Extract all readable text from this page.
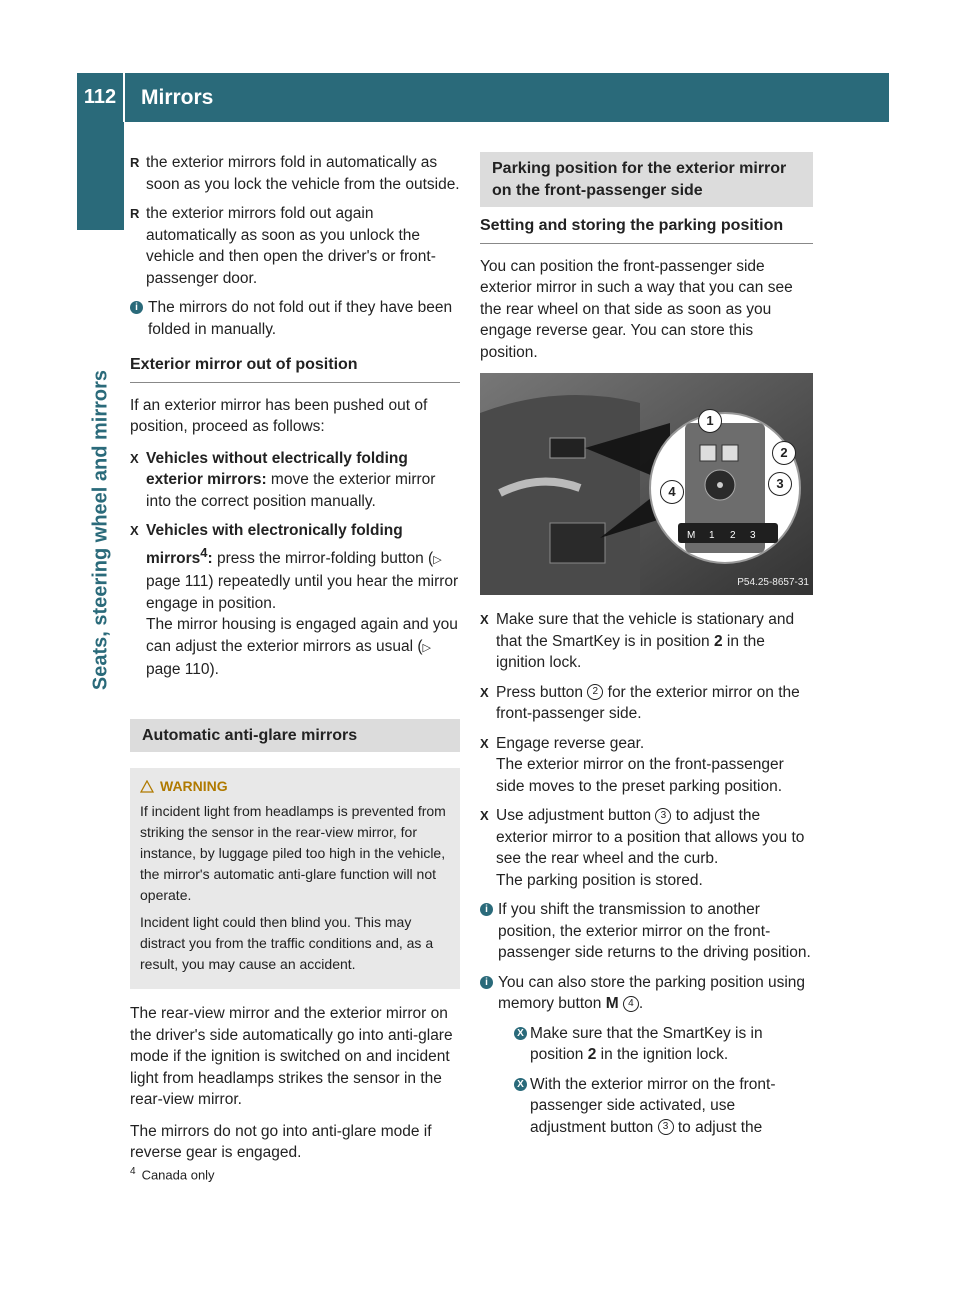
112	Mirrors
Seats, steering wheel and mirrors
R the exterior mirrors fold in automatically as soon as you lock the vehicle from the outside.
R the exterior mirrors fold out again automatically as soon as you unlock the vehicle and then open the driver's or front-passenger door.
i The mirrors do not fold out if they have been folded in manually.
Exterior mirror out of position

If an exterior mirror has been pushed out of position, proceed as follows:

X Vehicles without electrically folding exterior mirrors: move the exterior mirror into the correct position manually.
X Vehicles with electronically folding mirrors$^4$: press the mirror-folding button (▷ page 111) repeatedly until you hear the mirror engage in position.
The mirror housing is engaged again and you can adjust the exterior mirrors as usual (▷ page 110).
Automatic anti-glare mirrors
WARNING

If incident light from headlamps is prevented from striking the sensor in the rear-view mirror, for instance, by luggage piled too high in the vehicle, the mirror's automatic anti-glare function will not operate.

Incident light could then blind you. This may distract you from the traffic conditions and, as a result, you may cause an accident.

The rear-view mirror and the exterior mirror on the driver's side automatically go into anti-glare mode if the ignition is switched on and incident light from headlamps strikes the sensor in the rear-view mirror.

The mirrors do not go into anti-glare mode if reverse gear is engaged.

Parking position for the exterior mirror on the front-passenger side
Setting and storing the parking position

You can position the front-passenger side exterior mirror in such a way that you can see the rear wheel on that side as soon as you engage reverse gear. You can store this position.

M 1 2 3
1
2
3
4
P54.25-8657-31
X Make sure that the vehicle is stationary and that the SmartKey is in position 2 in the ignition lock.
X Press button 2 for the exterior mirror on the front-passenger side.
X Engage reverse gear.
The exterior mirror on the front-passenger side moves to the preset parking position.
X Use adjustment button 3 to adjust the exterior mirror to a position that allows you to see the rear wheel and the curb.
The parking position is stored.
i If you shift the transmission to another position, the exterior mirror on the front-passenger side returns to the driving position.
i You can also store the parking position using memory button M 4 .
X Make sure that the SmartKey is in position 2 in the ignition lock.
X With the exterior mirror on the front-passenger side activated, use adjustment button 3 to adjust the
$^4$ Canada only
